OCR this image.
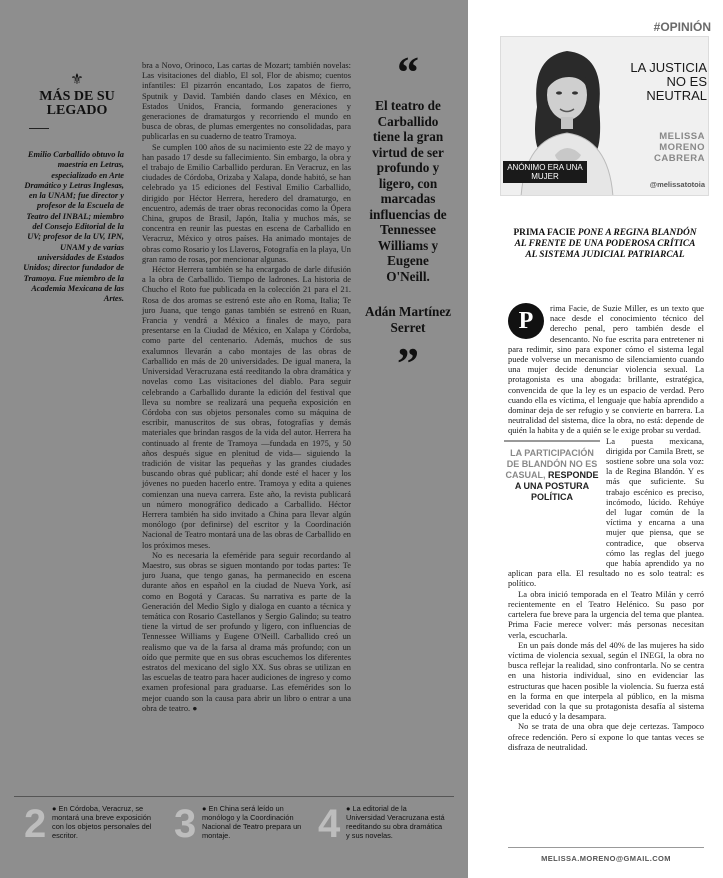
⚜
MÁS DE SU LEGADO
Emilio Carballido obtuvo la maestría en Letras, especializado en Arte Dramático y Letras Inglesas, en la UNAM; fue director y profesor de la Escuela de Teatro del INBAL; miembro del Consejo Editorial de la UV; profesor de la UV, IPN, UNAM y de varias universidades de Estados Unidos; director fundador de Tramoya. Fue miembro de la Academia Mexicana de las Artes.

bra a Novo, Orinoco, Las cartas de Mozart; también novelas: Las visitaciones del diablo, El sol, Flor de abismo; cuentos infantiles: El pizarrón encantado, Los zapatos de fierro, Sputnik y David. También dando clases en México, en Estados Unidos, Francia, formando generaciones y generaciones de dramaturgos y recorriendo el mundo en busca de obras, de plumas emergentes no consolidadas, para publicarlas en su cuaderno de teatro Tramoya.

Se cumplen 100 años de su nacimiento este 22 de mayo y han pasado 17 desde su fallecimiento. Sin embargo, la obra y el trabajo de Emilio Carballido perduran. En Veracruz, en las ciudades de Córdoba, Orizaba y Xalapa, donde habitó, se han celebrado ya 15 ediciones del Festival Emilio Carballido, dirigido por Héctor Herrera, heredero del dramaturgo, en encuentro, además de traer obras reconocidas como la Ópera China, grupos de Brasil, Japón, Italia y muchos más, se concentra en reunir las puestas en escena de Carballido en Veracruz, México y otros países. Ha animado montajes de obras como Rosario y los Llaveros, Fotografía en la playa, Un gran ramo de rosas, por mencionar algunas.

Héctor Herrera también se ha encargado de darle difusión a la obra de Carballido. Tiempo de ladrones. La historia de Chucho el Roto fue publicada en la colección 21 para el 21. Rosa de dos aromas se estrenó este año en Roma, Italia; Te juro Juana, que tengo ganas también se estrenó en Ruan, Francia y vendrá a México a finales de mayo, para presentarse en la Ciudad de México, en Xalapa y Córdoba, como parte del centenario. Además, muchos de sus exalumnos llevarán a cabo montajes de las obras de Carballido en más de 20 universidades. De igual manera, la Universidad Veracruzana está reeditando la obra dramática y novelas como Las visitaciones del diablo. Para seguir celebrando a Carballido durante la edición del festival que lleva su nombre se realizará una pequeña exposición en Córdoba con sus objetos personales como su máquina de escribir, manuscritos de sus obras, fotografías y demás materiales que brindan rasgos de la vida del autor. Herrera ha continuado al frente de Tramoya —fundada en 1975, y 50 años después sigue en plenitud de vida— siguiendo la tradición de visitar las pequeñas y las grandes ciudades buscando obras qué publicar; ahí donde esté el hacer y los jóvenes no pueden hacerlo entre. Tramoya y edita a quienes comienzan una nueva carrera. Este año, la revista publicará un número monográfico dedicado a Carballido. Héctor Herrera también ha sido invitado a China para llevar algún monólogo (por definirse) del escritor y la Coordinación Nacional de Teatro montará una de las obras de Carballido en los próximos meses.

No es necesaria la efeméride para seguir recordando al Maestro, sus obras se siguen montando por todas partes: Te juro Juana, que tengo ganas, ha permanecido en escena durante años en español en la ciudad de Nueva York, así como en Bogotá y Caracas. Su narrativa es parte de la Generación del Medio Siglo y dialoga en cuanto a técnica y temática con Rosario Castellanos y Sergio Galindo; su teatro tiene la virtud de ser profundo y ligero, con influencias de Tennessee Williams y Eugene O'Neill. Carballido creó un realismo que va de la farsa al drama más profundo; con un oído que permite que en sus obras escuchemos los diferentes estratos del mexicano del siglo XX. Sus obras se utilizan en las escuelas de teatro para hacer audiciones de ingreso y como examen profesional para graduarse. Las efemérides son lo mejor cuando son la causa para abrir un libro o entrar a una obra de teatro. ●

“
El teatro de Carballido tiene la gran virtud de ser profundo y ligero, con marcadas influencias de Tennessee Williams y Eugene O'Neill.
Adán Martínez Serret
”
2 ● En Córdoba, Veracruz, se montará una breve exposición con los objetos personales del escritor.	3 ● En China será leído un monólogo y la Coordinación Nacional de Teatro prepara un montaje.	4 ● La editorial de la Universidad Veracruzana está reeditando su obra dramática y sus novelas.
#OPINIÓN
ANÓNIMO ERA UNA MUJER
LA JUSTICIA NO ES NEUTRAL
MELISSA MORENO CABRERA
@melissatotoia
PRIMA FACIE PONE A REGINA BLANDÓN AL FRENTE DE UNA PODEROSA CRÍTICA AL SISTEMA JUDICIAL PATRIARCAL
P	rima Facie, de Suzie Miller, es un texto que nace desde el conocimiento técnico del derecho penal, pero también desde el desencanto. No fue escrita para entretener ni para redimir, sino para exponer cómo el sistema legal puede volverse un mecanismo de silenciamiento cuando una mujer decide denunciar violencia sexual. La protagonista es una abogada: brillante, estratégica, convencida de que la ley es un espacio de verdad. Pero cuando ella es víctima, el lenguaje que había aprendido a dominar deja de ser refugio y se convierte en barrera. La neutralidad del sistema, dice la obra, no está: depende de quién la habita y de a quién se le exige probar su verdad.

LA PARTICIPACIÓN DE BLANDÓN NO ES CASUAL, RESPONDE A UNA POSTURA POLÍTICA

La puesta mexicana, dirigida por Camila Brett, se sostiene sobre una sola voz: la de Regina Blandón. Y es más que suficiente. Su trabajo escénico es preciso, incómodo, lúcido. Rehúye del lugar común de la víctima y encarna a una mujer que piensa, que se contradice, que observa cómo las reglas del juego que había aprendido ya no aplican para ella. El resultado no es solo teatral: es político.

La obra inició temporada en el Teatro Milán y cerró recientemente en el Teatro Helénico. Su paso por cartelera fue breve para la urgencia del tema que plantea. Prima Facie merece volver: más personas necesitan verla, escucharla.

En un país donde más del 40% de las mujeres ha sido víctima de violencia sexual, según el INEGI, la obra no busca reflejar la realidad, sino confrontarla. No se centra en una historia individual, sino en evidenciar las estructuras que hacen posible la violencia. Su fuerza está en la forma en que interpela al público, en la misma severidad con la que su protagonista desafía al sistema que la educó y la desampara.

No se trata de una obra que deje certezas. Tampoco ofrece redención. Pero sí expone lo que tantas veces se disfraza de neutralidad.

MELISSA.MORENO@GMAIL.COM
